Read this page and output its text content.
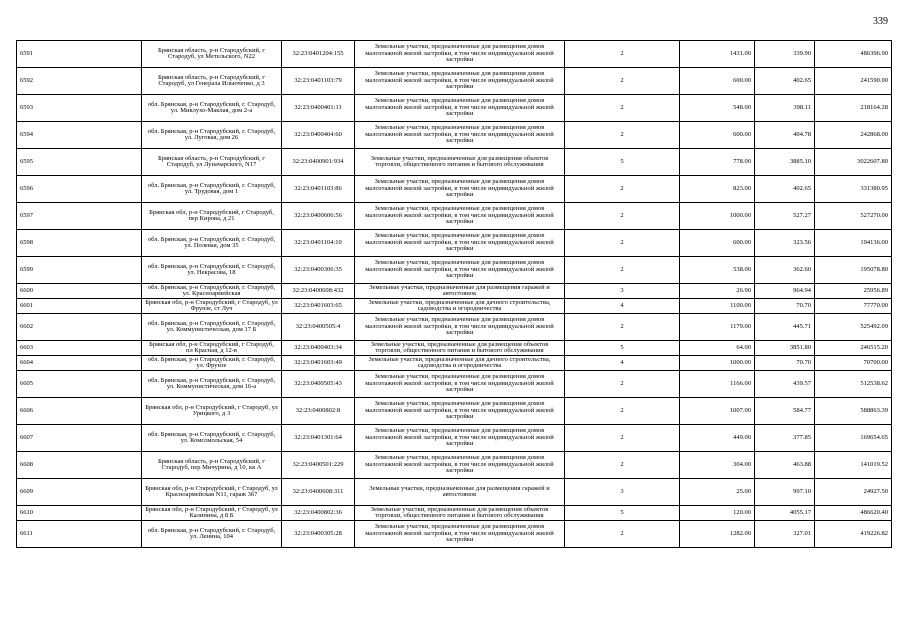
339
6591	Брянская область, р-н Стародубский, г Стародуб, ул Метельского, N22	32:23:0401204:155	Земельные участки, предназначенные для размещения домов малоэтажной жилой застройки, в том числе индивидуальной жилой застройки	2	1431.00	339.90	486396.90
6592	Брянская область, р-н Стародубский, г Стародуб, ул Генерала Ильюченко, д 3	32:23:0401103:79	Земельные участки, предназначенные для размещения домов малоэтажной жилой застройки, в том числе индивидуальной жилой застройки	2	600.00	402.65	241590.00
6593	обл. Брянская, р-н Стародубский, г. Стародуб, ул. Миклухо-Маклая, дом 2-а	32:23:0400401:11	Земельные участки, предназначенные для размещения домов малоэтажной жилой застройки, в том числе индивидуальной жилой застройки	2	548.00	398.11	218164.28
6594	обл. Брянская, р-н Стародубский, г. Стародуб, ул. Луговая, дом 26	32:23:0400404:60	Земельные участки, предназначенные для размещения домов малоэтажной жилой застройки, в том числе индивидуальной жилой застройки	2	600.00	404.78	242868.00
6595	Брянская область, р-н Стародубский, г Стародуб, ул Луначарского, N17	32:23:0400901:934	Земельные участки, предназначенные для размещения объектов торговли, общественного питания и бытового обслуживания	5	778.00	3885.10	3022607.80
6596	обл. Брянская, р-н Стародубский, г. Стародуб, ул. Трудовая, дом 1	32:23:0401103:86	Земельные участки, предназначенные для размещения домов малоэтажной жилой застройки, в том числе индивидуальной жилой застройки	2	823.00	402.65	331380.95
6597	Брянская обл, р-н Стародубский, г Стародуб, пер Кирова, д 21	32:23:0400606:56	Земельные участки, предназначенные для размещения домов малоэтажной жилой застройки, в том числе индивидуальной жилой застройки	2	1000.00	527.27	527270.00
6598	обл. Брянская, р-н Стародубский, г. Стародуб, ул. Полевая, дом 35	32:23:0401104:10	Земельные участки, предназначенные для размещения домов малоэтажной жилой застройки, в том числе индивидуальной жилой застройки	2	600.00	323.56	194136.00
6599	обл. Брянская, р-н Стародубский, г. Стародуб, ул. Некрасова, 18	32:23:0400306:35	Земельные участки, предназначенные для размещения домов малоэтажной жилой застройки, в том числе индивидуальной жилой застройки	2	538.00	362.60	195078.80
6600	обл. Брянская, р-н Стародубский, г. Стародуб, ул. Красноармейская	32:23:0400608:432	Земельные участки, предназначенные для размещения гаражей и автостоянок	3	26.90	964.94	25956.89
6601	Брянская обл, р-н Стародубский, г Стародуб, ул Фрунзе, ст Луч	32:23:0401603:65	Земельные участки, предназначенные для дачного строительства, садоводства и огородничества	4	1100.00	70.70	77770.00
6602	обл. Брянская, р-н Стародубский, г. Стародуб, ул. Коммунистическая, дом 17 Б	32:23:0400505:4	Земельные участки, предназначенные для размещения домов малоэтажной жилой застройки, в том числе индивидуальной жилой застройки	2	1179.00	445.71	525492.09
6603	Брянская обл, р-н Стародубский, г Стародуб, пл Красная, д 12-в	32:23:0400403:34	Земельные участки, предназначенные для размещения объектов торговли, общественного питания и бытового обслуживания	5	64.00	3851.80	246515.20
6604	обл. Брянская, р-н Стародубский, г. Стародуб, ул. Фрунзе	32:23:0401603:49	Земельные участки, предназначенные для дачного строительства, садоводства и огородничества	4	1000.00	70.70	70700.00
6605	обл. Брянская, р-н Стародубский, г. Стародуб, ул. Коммунистическая, дом 16-а	32:23:0400505:43	Земельные участки, предназначенные для размещения домов малоэтажной жилой застройки, в том числе индивидуальной жилой застройки	2	1166.00	439.57	512538.62
6606	Брянская обл, р-н Стародубский, г Стародуб, ул Урицкого, д 3	32:23:0400802:8	Земельные участки, предназначенные для размещения домов малоэтажной жилой застройки, в том числе индивидуальной жилой застройки	2	1007.00	584.77	588863.39
6607	обл. Брянская, р-н Стародубский, г. Стародуб, ул. Комсомольская, 54	32:23:0401301:64	Земельные участки, предназначенные для размещения домов малоэтажной жилой застройки, в том числе индивидуальной жилой застройки	2	449.00	377.85	169654.65
6608	Брянская область, р-н Стародубский, г Стародуб, пер Мичурина, д 10, кв А	32:23:0400501:229	Земельные участки, предназначенные для размещения домов малоэтажной жилой застройки, в том числе индивидуальной жилой застройки	2	304.00	463.88	141019.52
6609	Брянская обл, р-н Стародубский, г Стародуб, ул Красноармейская N11, гараж 367	32:23:0400608:311	Земельные участки, предназначенные для размещения гаражей и автостоянок	3	25.00	997.10	24927.50
6610	Брянская обл, р-н Стародубский, г Стародуб, ул Калинина, д 8 Б	32:23:0400802:36	Земельные участки, предназначенные для размещения объектов торговли, общественного питания и бытового обслуживания	5	120.00	4055.17	486620.40
6611	обл. Брянская, р-н Стародубский, г. Стародуб, ул. Ленина, 104	32:23:0400305:28	Земельные участки, предназначенные для размещения домов малоэтажной жилой застройки, в том числе индивидуальной жилой застройки	2	1282.00	327.01	419226.82
